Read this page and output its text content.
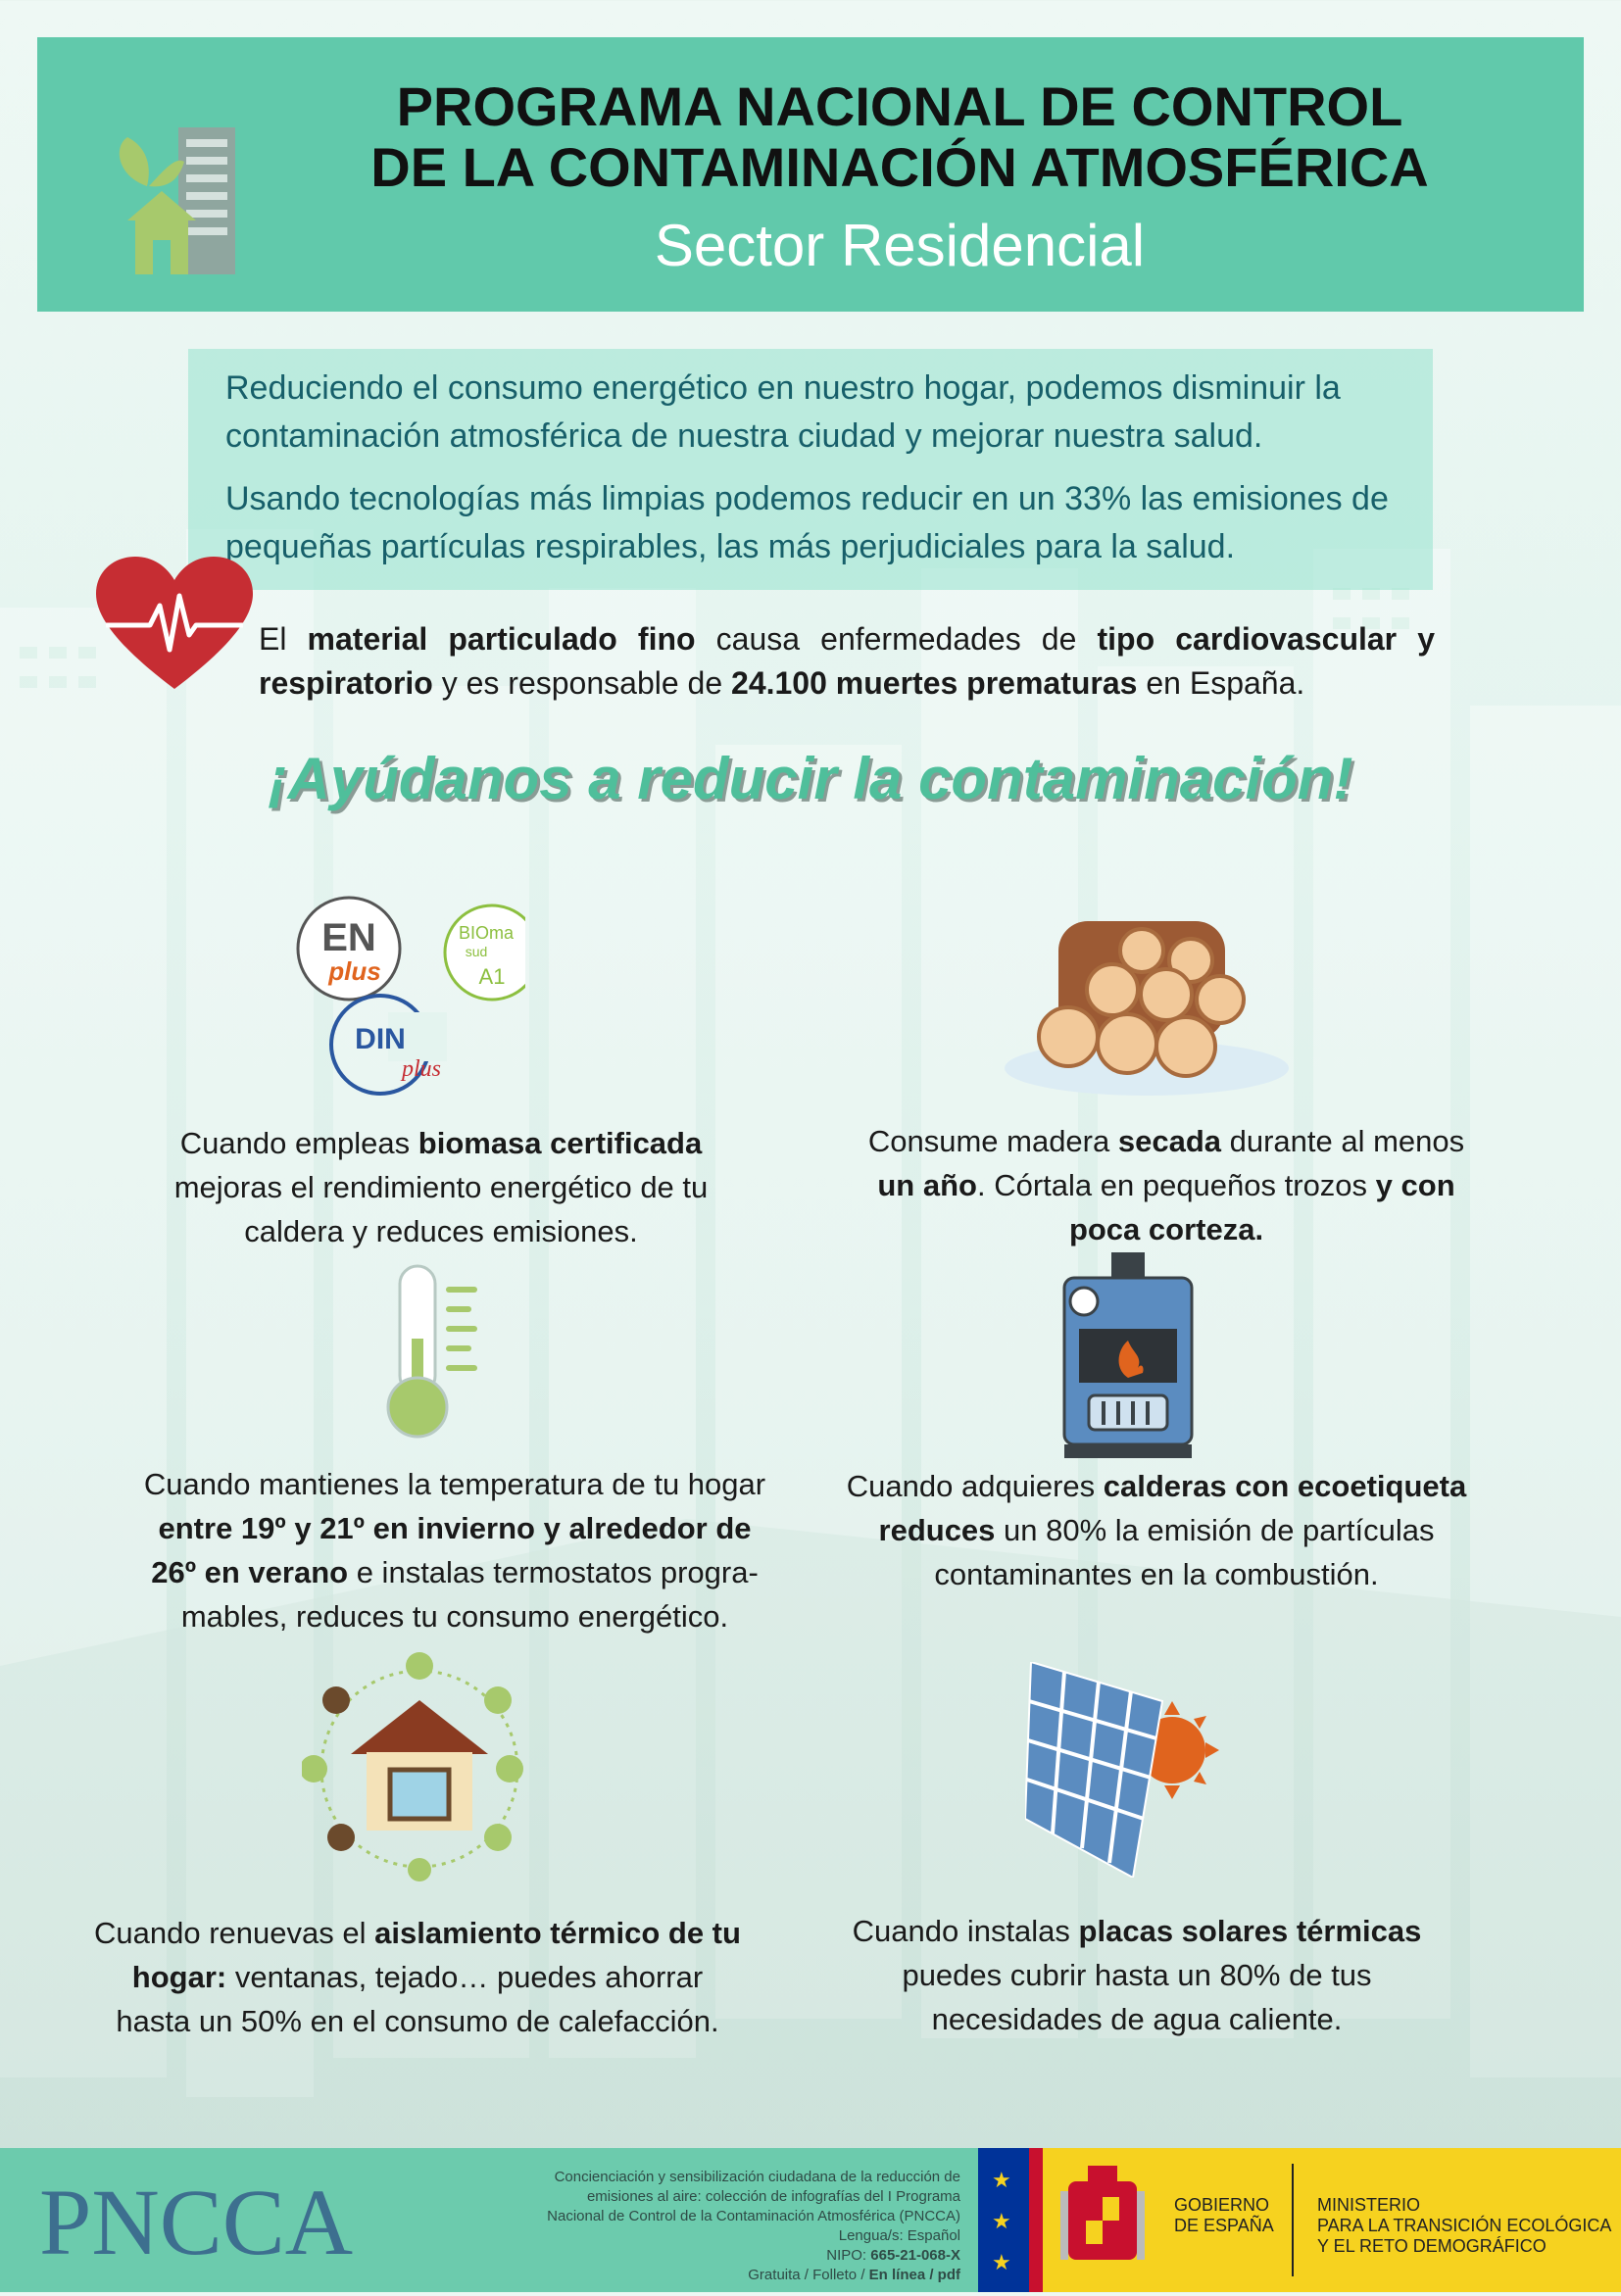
PROGRAMA NACIONAL DE CONTROL
DE LA CONTAMINACIÓN ATMOSFÉRICA
Sector Residencial

Reduciendo el consumo energético en nuestro hogar, podemos disminuir la contaminación atmosférica de nuestra ciudad y mejorar nuestra salud.

Usando tecnologías más limpias podemos reducir en un 33% las emisiones de pequeñas partículas respirables, las más perjudiciales para la salud.

El material particulado fino causa enfermedades de tipo cardiovascular y respiratorio y es responsable de 24.100 muertes prematuras en España.
¡Ayúdanos a reducir la contaminación!
EN
plus
BIOma
sud
A1
DIN
plus
Cuando empleas biomasa certificada mejoras el rendimiento energético de tu caldera y reduces emisiones.
Consume madera secada durante al menos un año. Córtala en pequeños trozos y con poca corteza.
Cuando mantienes la temperatura de tu hogar entre 19º y 21º en invierno y alrededor de 26º en verano e instalas termostatos progra-mables, reduces tu consumo energético.
Cuando adquieres calderas con ecoetiqueta reduces un 80% la emisión de partículas contaminantes en la combustión.
Cuando renuevas el aislamiento térmico de tu hogar: ventanas, tejado… puedes ahorrar hasta un 50% en el consumo de calefacción.
Cuando instalas placas solares térmicas puedes cubrir hasta un 80% de tus necesidades de agua caliente.
PNCCA	Concienciación y sensibilización ciudadana de la reducción de
emisiones al aire: colección de infografías del I Programa
Nacional de Control de la Contaminación Atmosférica (PNCCA)
Lengua/s: Español
NIPO: 665-21-068-X
Gratuita / Folleto / En línea / pdf
★
★
★
GOBIERNO
DE ESPAÑA
MINISTERIO
PARA LA TRANSICIÓN ECOLÓGICA
Y EL RETO DEMOGRÁFICO
